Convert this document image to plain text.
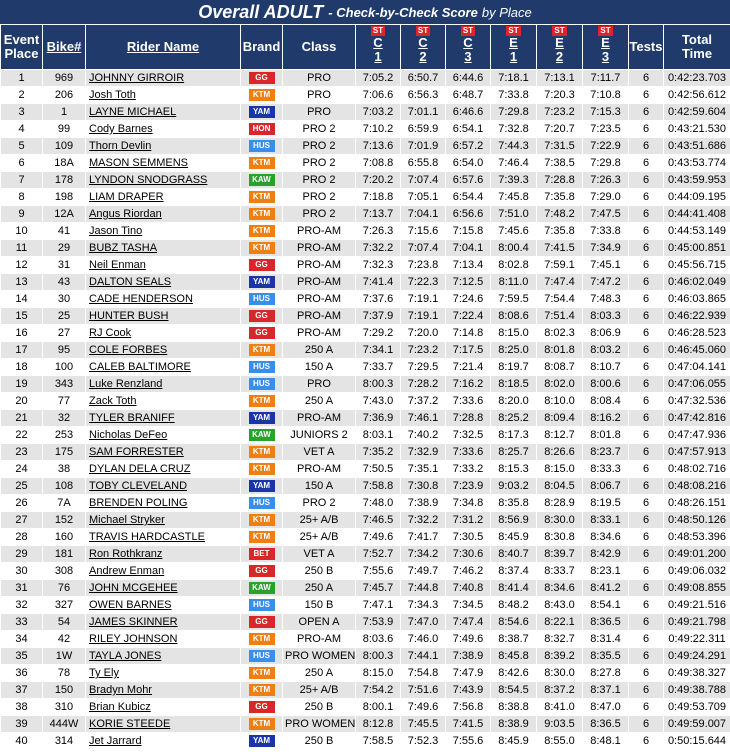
Overall ADULT - Check-by-Check Score by Place
Event
Place	Bike#	Rider Name	Brand	Class	ST
C
1	ST
C
2	ST
C
3	ST
E
1	ST
E
2	ST
E
3	Tests	Total
Time
1	969	JOHNNY GIRROIR	GG	PRO	7:05.2	6:50.7	6:44.6	7:18.1	7:13.1	7:11.7	6	0:42:23.703
2	206	Josh Toth	KTM	PRO	7:06.6	6:56.3	6:48.7	7:33.8	7:20.3	7:10.8	6	0:42:56.612
3	1	LAYNE MICHAEL	YAM	PRO	7:03.2	7:01.1	6:46.6	7:29.8	7:23.2	7:15.3	6	0:42:59.604
4	99	Cody Barnes	HON	PRO 2	7:10.2	6:59.9	6:54.1	7:32.8	7:20.7	7:23.5	6	0:43:21.530
5	109	Thorn Devlin	HUS	PRO 2	7:13.6	7:01.9	6:57.2	7:44.3	7:31.5	7:22.9	6	0:43:51.686
6	18A	MASON SEMMENS	KTM	PRO 2	7:08.8	6:55.8	6:54.0	7:46.4	7:38.5	7:29.8	6	0:43:53.774
7	178	LYNDON SNODGRASS	KAW	PRO 2	7:20.2	7:07.4	6:57.6	7:39.3	7:28.8	7:26.3	6	0:43:59.953
8	198	LIAM DRAPER	KTM	PRO 2	7:18.8	7:05.1	6:54.4	7:45.8	7:35.8	7:29.0	6	0:44:09.195
9	12A	Angus Riordan	KTM	PRO 2	7:13.7	7:04.1	6:56.6	7:51.0	7:48.2	7:47.5	6	0:44:41.408
10	41	Jason Tino	KTM	PRO-AM	7:26.3	7:15.6	7:15.8	7:45.6	7:35.8	7:33.8	6	0:44:53.149
11	29	BUBZ TASHA	KTM	PRO-AM	7:32.2	7:07.4	7:04.1	8:00.4	7:41.5	7:34.9	6	0:45:00.851
12	31	Neil Enman	GG	PRO-AM	7:32.3	7:23.8	7:13.4	8:02.8	7:59.1	7:45.1	6	0:45:56.715
13	43	DALTON SEALS	YAM	PRO-AM	7:41.4	7:22.3	7:12.5	8:11.0	7:47.4	7:47.2	6	0:46:02.049
14	30	CADE HENDERSON	HUS	PRO-AM	7:37.6	7:19.1	7:24.6	7:59.5	7:54.4	7:48.3	6	0:46:03.865
15	25	HUNTER BUSH	GG	PRO-AM	7:37.9	7:19.1	7:22.4	8:08.6	7:51.4	8:03.3	6	0:46:22.939
16	27	RJ Cook	GG	PRO-AM	7:29.2	7:20.0	7:14.8	8:15.0	8:02.3	8:06.9	6	0:46:28.523
17	95	COLE FORBES	KTM	250 A	7:34.1	7:23.2	7:17.5	8:25.0	8:01.8	8:03.2	6	0:46:45.060
18	100	CALEB BALTIMORE	HUS	150 A	7:33.7	7:29.5	7:21.4	8:19.7	8:08.7	8:10.7	6	0:47:04.141
19	343	Luke Renzland	HUS	PRO	8:00.3	7:28.2	7:16.2	8:18.5	8:02.0	8:00.6	6	0:47:06.055
20	77	Zack Toth	KTM	250 A	7:43.0	7:37.2	7:33.6	8:20.0	8:10.0	8:08.4	6	0:47:32.536
21	32	TYLER BRANIFF	YAM	PRO-AM	7:36.9	7:46.1	7:28.8	8:25.2	8:09.4	8:16.2	6	0:47:42.816
22	253	Nicholas DeFeo	KAW	JUNIORS 2	8:03.1	7:40.2	7:32.5	8:17.3	8:12.7	8:01.8	6	0:47:47.936
23	175	SAM FORRESTER	KTM	VET A	7:35.2	7:32.9	7:33.6	8:25.7	8:26.6	8:23.7	6	0:47:57.913
24	38	DYLAN DELA CRUZ	KTM	PRO-AM	7:50.5	7:35.1	7:33.2	8:15.3	8:15.0	8:33.3	6	0:48:02.716
25	108	TOBY CLEVELAND	YAM	150 A	7:58.8	7:30.8	7:23.9	9:03.2	8:04.5	8:06.7	6	0:48:08.216
26	7A	BRENDEN POLING	HUS	PRO 2	7:48.0	7:38.9	7:34.8	8:35.8	8:28.9	8:19.5	6	0:48:26.151
27	152	Michael Stryker	KTM	25+ A/B	7:46.5	7:32.2	7:31.2	8:56.9	8:30.0	8:33.1	6	0:48:50.126
28	160	TRAVIS HARDCASTLE	KTM	25+ A/B	7:49.6	7:41.7	7:30.5	8:45.9	8:30.8	8:34.6	6	0:48:53.396
29	181	Ron Rothkranz	BET	VET A	7:52.7	7:34.2	7:30.6	8:40.7	8:39.7	8:42.9	6	0:49:01.200
30	308	Andrew Enman	GG	250 B	7:55.6	7:49.7	7:46.2	8:37.4	8:33.7	8:23.1	6	0:49:06.032
31	76	JOHN MCGEHEE	KAW	250 A	7:45.7	7:44.8	7:40.8	8:41.4	8:34.6	8:41.2	6	0:49:08.855
32	327	OWEN BARNES	HUS	150 B	7:47.1	7:34.3	7:34.5	8:48.2	8:43.0	8:54.1	6	0:49:21.516
33	54	JAMES SKINNER	GG	OPEN A	7:53.9	7:47.0	7:47.4	8:54.6	8:22.1	8:36.5	6	0:49:21.798
34	42	RILEY JOHNSON	KTM	PRO-AM	8:03.6	7:46.0	7:49.6	8:38.7	8:32.7	8:31.4	6	0:49:22.311
35	1W	TAYLA JONES	HUS	PRO WOMEN	8:00.3	7:44.1	7:38.9	8:45.8	8:39.2	8:35.5	6	0:49:24.291
36	78	Ty Ely	KTM	250 A	8:15.0	7:54.8	7:47.9	8:42.6	8:30.0	8:27.8	6	0:49:38.327
37	150	Bradyn Mohr	KTM	25+ A/B	7:54.2	7:51.6	7:43.9	8:54.5	8:37.2	8:37.1	6	0:49:38.788
38	310	Brian Kubicz	GG	250 B	8:00.1	7:49.6	7:56.8	8:38.8	8:41.0	8:47.0	6	0:49:53.709
39	444W	KORIE STEEDE	KTM	PRO WOMEN	8:12.8	7:45.5	7:41.5	8:38.9	9:03.5	8:36.5	6	0:49:59.007
40	314	Jet Jarrard	YAM	250 B	7:58.5	7:52.3	7:55.6	8:45.9	8:55.0	8:48.1	6	0:50:15.644
